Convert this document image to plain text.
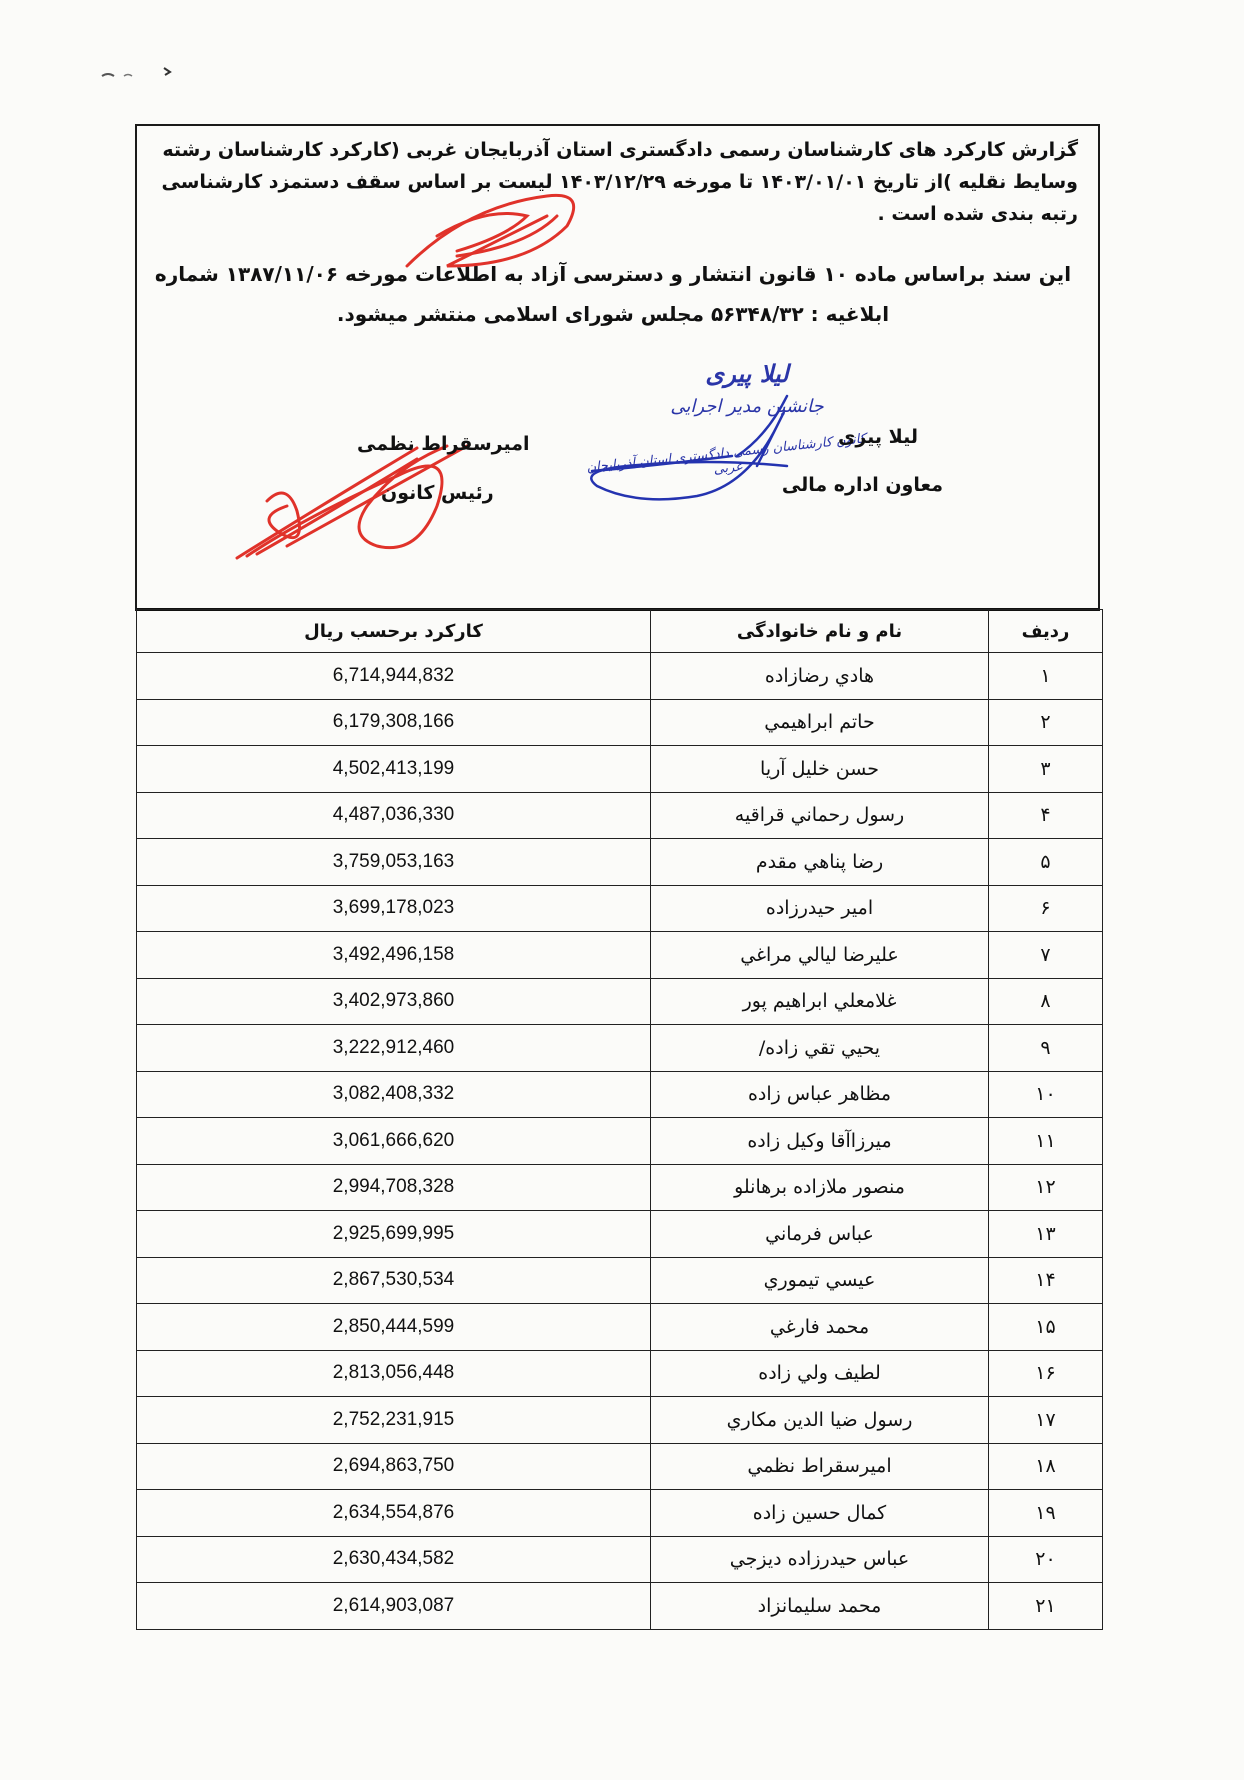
گزارش کارکرد های کارشناسان رسمی دادگستری استان آذربایجان غربی (کارکرد کارشناسان رشته وسایط نقلیه )از تاریخ ۱۴۰۳/۰۱/۰۱ تا مورخه ۱۴۰۳/۱۲/۲۹ لیست بر اساس سقف دستمزد کارشناسی رتبه بندی شده است .
این سند براساس ماده ۱۰ قانون انتشار و دسترسی آزاد به اطلاعات مورخه ۱۳۸۷/۱۱/۰۶ شماره ابلاغیه : ۵۶۳۴۸/۳۲ مجلس شورای اسلامی منتشر میشود.
لیلا پیری
جانشین مدیر اجرایی
کانون کارشناسان رسمی دادگستری استان آذربایجان غربی
لیلا پیری
معاون اداره مالی
امیرسقراط نظمی
رئیس کانون
ردیف	نام و نام خانوادگی	کارکرد برحسب ریال
۱	هادي رضازاده	6,714,944,832
۲	حاتم ابراهيمي	6,179,308,166
۳	حسن خليل آريا	4,502,413,199
۴	رسول رحماني قراقيه	4,487,036,330
۵	رضا پناهي مقدم	3,759,053,163
۶	امير حيدرزاده	3,699,178,023
۷	عليرضا ليالي مراغي	3,492,496,158
۸	غلامعلي ابراهيم پور	3,402,973,860
۹	يحيي تقي زاده/	3,222,912,460
۱۰	مظاهر عباس زاده	3,082,408,332
۱۱	ميرزاآقا وكيل زاده	3,061,666,620
۱۲	منصور ملازاده برهانلو	2,994,708,328
۱۳	عباس فرماني	2,925,699,995
۱۴	عيسي تيموري	2,867,530,534
۱۵	محمد فارغي	2,850,444,599
۱۶	لطيف ولي زاده	2,813,056,448
۱۷	رسول ضيا الدين مكاري	2,752,231,915
۱۸	اميرسقراط نظمي	2,694,863,750
۱۹	كمال حسين زاده	2,634,554,876
۲۰	عباس حيدرزاده ديزجي	2,630,434,582
۲۱	محمد سليمانزاد	2,614,903,087
